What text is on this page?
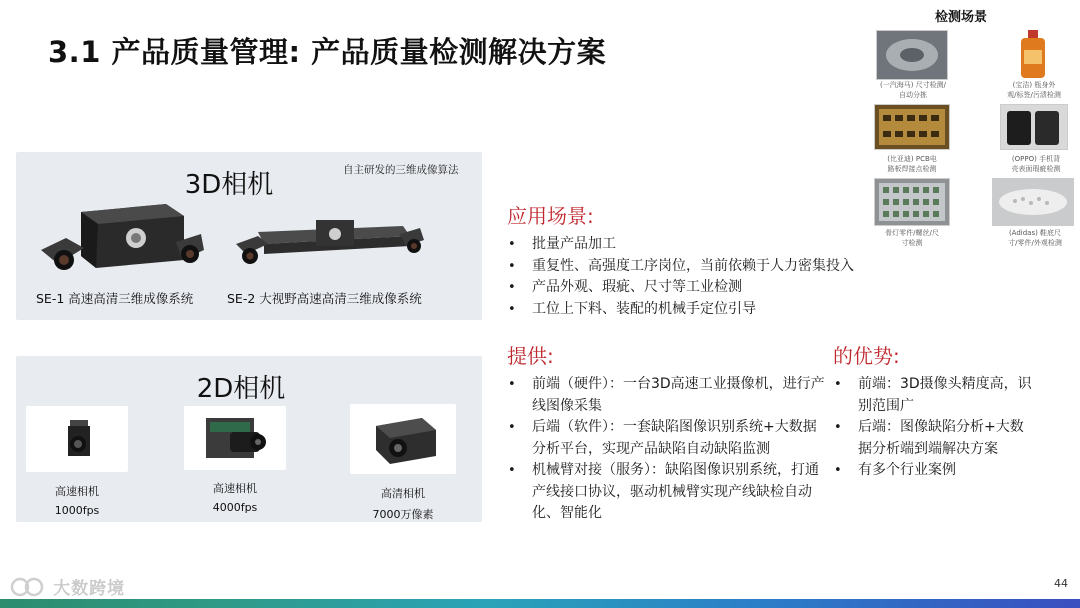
3.1 产品质量管理: 产品质量检测解决方案
3D相机	自主研发的三维成像算法
SE-1 高速高清三维成像系统	SE-2 大视野高速高清三维成像系统
2D相机
高速相机
1000fps
高速相机
4000fps
高清相机
7000万像素
检测场景
(一汽海马) 尺寸检测/
自动分拣
(宝洁) 瓶身外
观/标签/污渍检测
(比亚迪) PCB电
路板焊接点检测
(OPPO) 手机背
壳表面瑕疵检测
骨灯零件/螺丝/尺
寸检测
(Adidas) 鞋底尺
寸/零件/外观检测
应用场景:
• 批量产品加工
• 重复性、高强度工序岗位，当前依赖于人力密集投入
• 产品外观、瑕疵、尺寸等工业检测
• 工位上下料、装配的机械手定位引导
提供:
• 前端（硬件）：一台3D高速工业摄像机，进行产线图像采集
• 后端（软件）：一套缺陷图像识别系统+大数据分析平台，实现产品缺陷自动缺陷监测
• 机械臂对接（服务）：缺陷图像识别系统，打通产线接口协议，驱动机械臂实现产线缺检自动化、智能化
的优势:
• 前端：3D摄像头精度高，识别范围广
• 后端：图像缺陷分析+大数据分析端到端解决方案
• 有多个行业案例
大数跨境	44
